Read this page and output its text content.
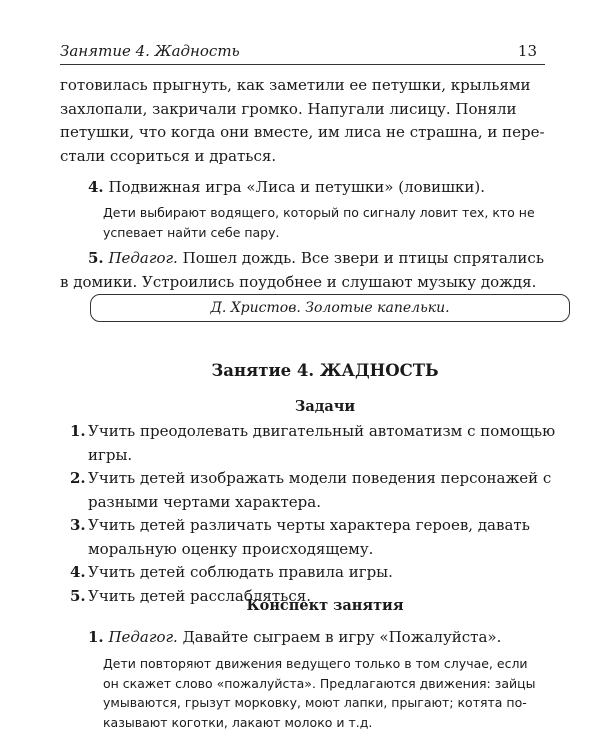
Занятие 4. Жадность	13

готовилась прыгнуть, как заметили ее петушки, крыльями

захлопали, закричали громко. Напугали лисицу. Поняли

петушки, что когда они вместе, им лиса не страшна, и пере-

стали ссориться и драться.

4. Подвижная игра «Лиса и петушки» (ловишки).
Дети выбирают водящего, который по сигналу ловит тех, кто не
успевает найти себе пару.
5. Педагог. Пошел дождь. Все звери и птицы спрятались
в домики. Устроились поудобнее и слушают музыку дождя.
Д. Христов. Золотые капельки.
Занятие 4. ЖАДНОСТЬ
Задачи
1. Учить преодолевать двигательный автоматизм с помощью
игры.
2. Учить детей изображать модели поведения персонажей с
разными чертами характера.
3. Учить детей различать черты характера героев, давать
моральную оценку происходящему.
4. Учить детей соблюдать правила игры.
5. Учить детей расслабляться.
Конспект занятия
1. Педагог. Давайте сыграем в игру «Пожалуйста».
Дети повторяют движения ведущего только в том случае, если
он скажет слово «пожалуйста». Предлагаются движения: зайцы
умываются, грызут морковку, моют лапки, прыгают; котята по-
казывают коготки, лакают молоко и т.д.
